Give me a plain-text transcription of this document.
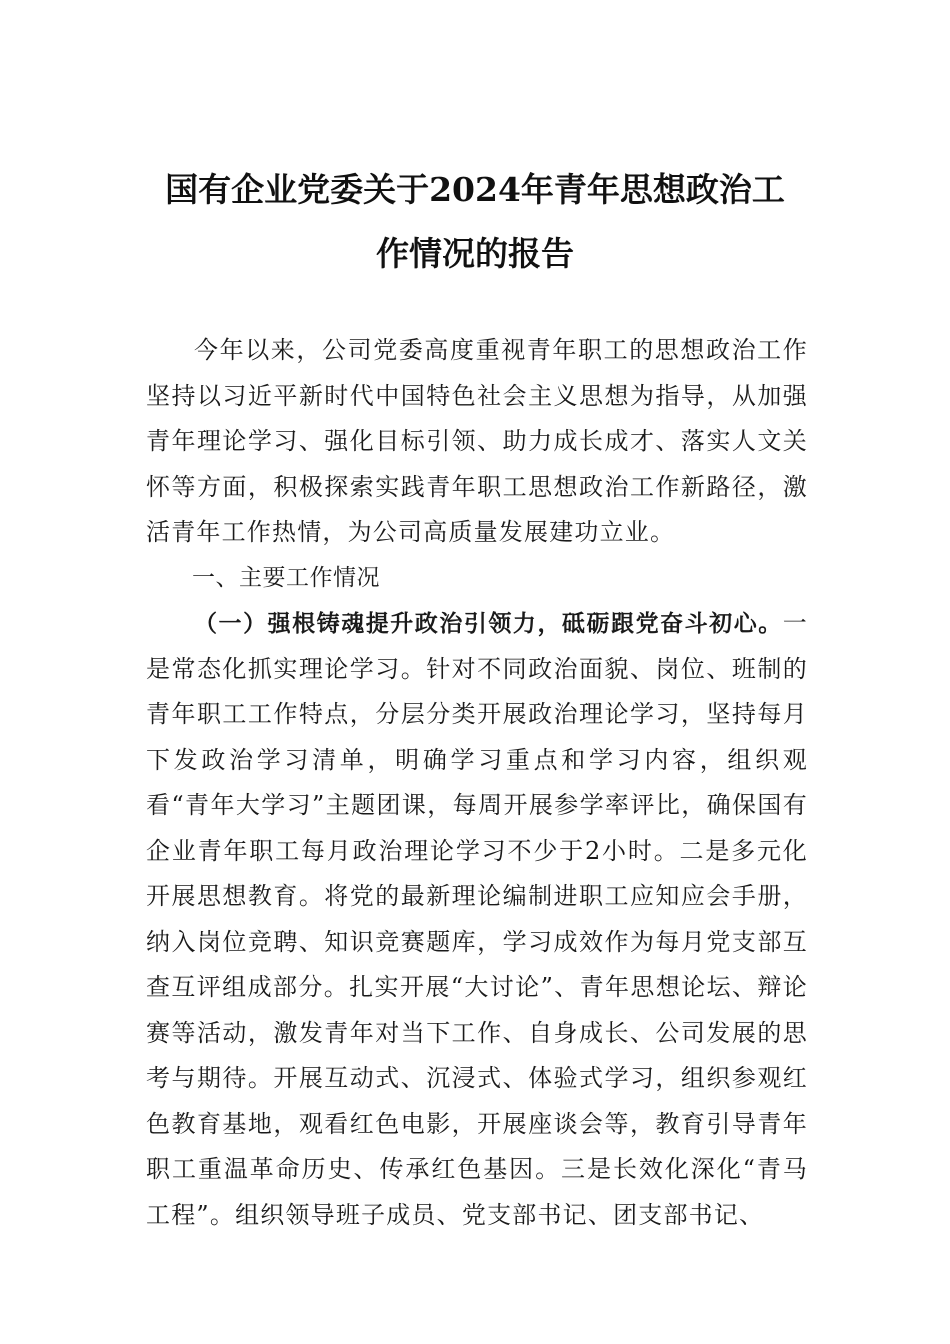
国有企业党委关于2024年青年思想政治工
作情况的报告

今年以来，公司党委高度重视青年职工的思想政治工作坚持以习近平新时代中国特色社会主义思想为指导，从加强青年理论学习、强化目标引领、助力成长成才、落实人文关怀等方面，积极探索实践青年职工思想政治工作新路径，激活青年工作热情，为公司高质量发展建功立业。

一、主要工作情况

（一）强根铸魂提升政治引领力，砥砺跟党奋斗初心。一是常态化抓实理论学习。针对不同政治面貌、岗位、班制的青年职工工作特点，分层分类开展政治理论学习，坚持每月下发政治学习清单，明确学习重点和学习内容，组织观看“青年大学习”主题团课，每周开展参学率评比，确保国有企业青年职工每月政治理论学习不少于2小时。二是多元化开展思想教育。将党的最新理论编制进职工应知应会手册，纳入岗位竞聘、知识竞赛题库，学习成效作为每月党支部互查互评组成部分。扎实开展“大讨论”、青年思想论坛、辩论赛等活动，激发青年对当下工作、自身成长、公司发展的思考与期待。开展互动式、沉浸式、体验式学习，组织参观红色教育基地，观看红色电影，开展座谈会等，教育引导青年职工重温革命历史、传承红色基因。三是长效化深化“青马工程”。组织领导班子成员、党支部书记、团支部书记、
